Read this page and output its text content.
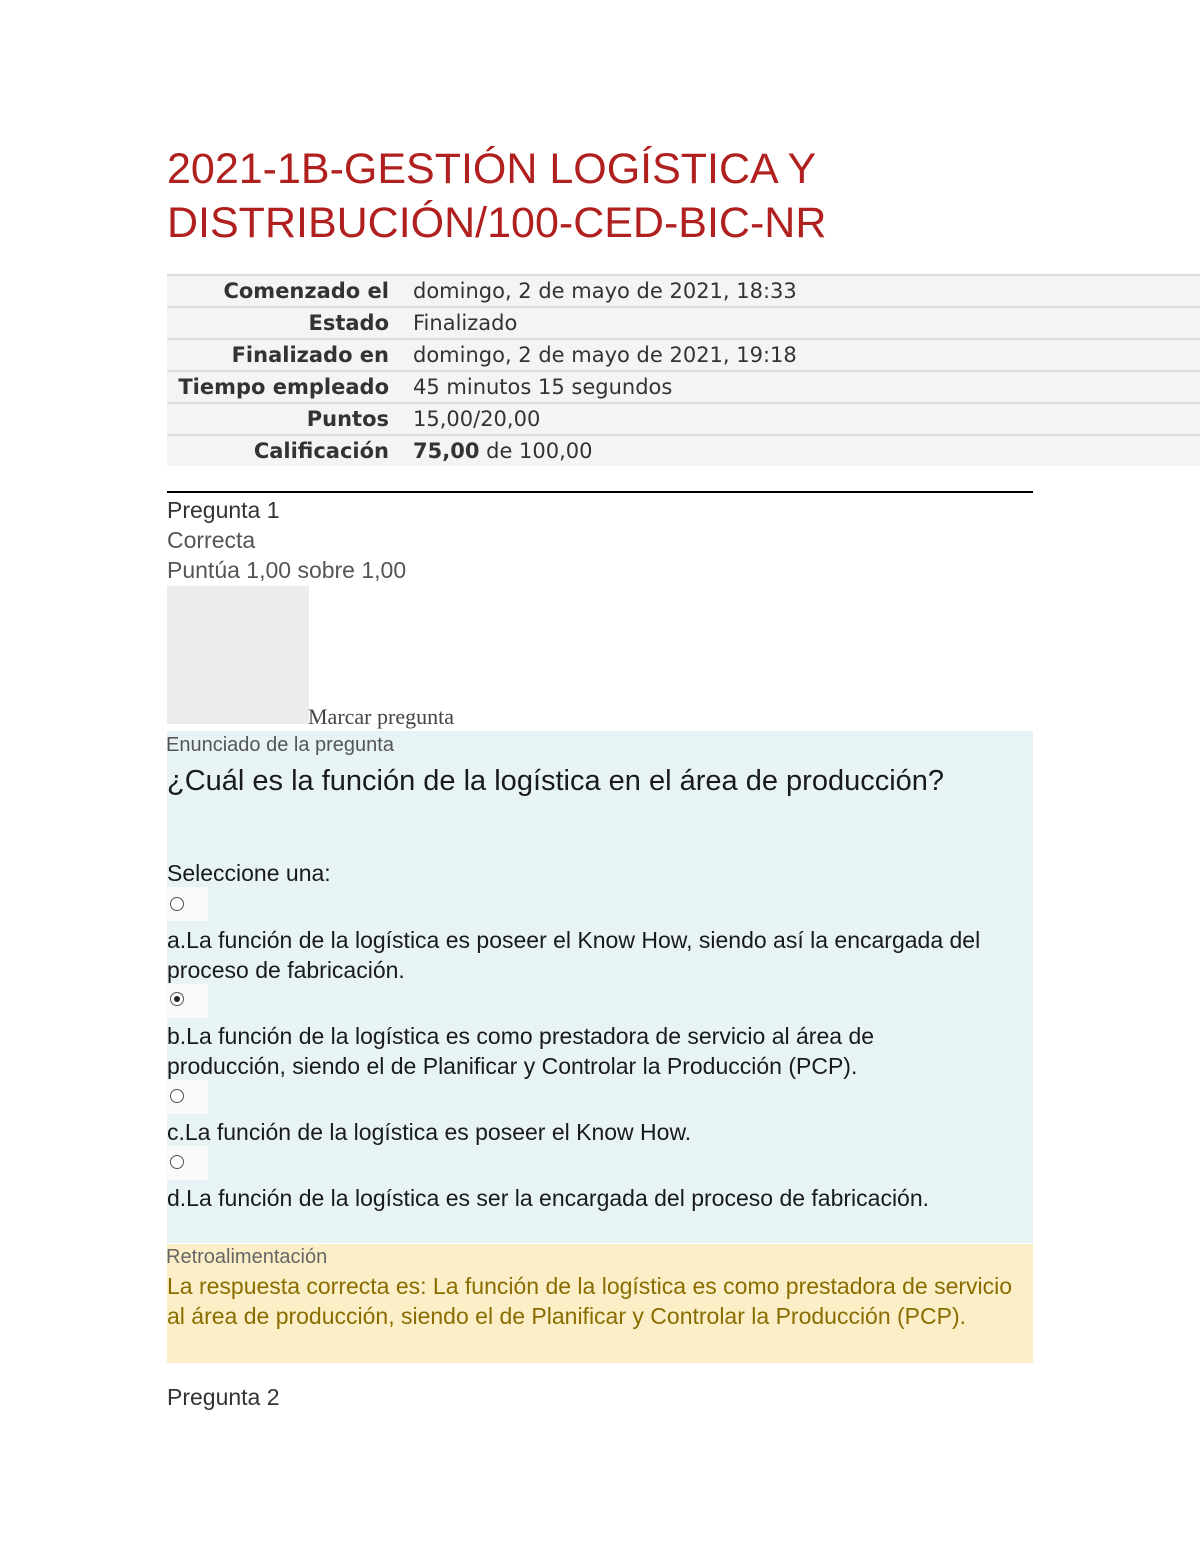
2021-1B-GESTIÓN LOGÍSTICA Y DISTRIBUCIÓN/100-CED-BIC-NR
Comenzado el	domingo, 2 de mayo de 2021, 18:33
Estado	Finalizado
Finalizado en	domingo, 2 de mayo de 2021, 19:18
Tiempo empleado	45 minutos 15 segundos
Puntos	15,00/20,00
Calificación	75,00 de 100,00
Pregunta 1
Correcta
Puntúa 1,00 sobre 1,00
Marcar pregunta
Enunciado de la pregunta
¿Cuál es la función de la logística en el área de producción?
Seleccione una:
a.La función de la logística es poseer el Know How, siendo así la encargada del proceso de fabricación.
b.La función de la logística es como prestadora de servicio al área de producción, siendo el de Planificar y Controlar la Producción (PCP).
c.La función de la logística es poseer el Know How.
d.La función de la logística es ser la encargada del proceso de fabricación.
Retroalimentación
La respuesta correcta es: La función de la logística es como prestadora de servicio al área de producción, siendo el de Planificar y Controlar la Producción (PCP).
Pregunta 2
